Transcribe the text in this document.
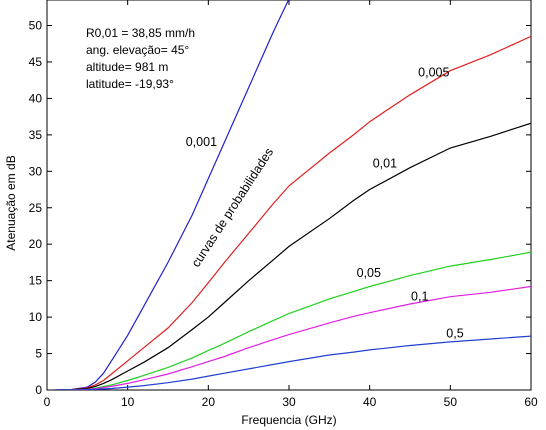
0	10	20	30	40	50	60
0
5
10
15
20
25
30
35
40
45
50
0,001
0,005
0,01
0,05
0,1
0,5
R0,01 = 38,85 mm/h
ang. elevação= 45°
altitude= 981 m
latitude= -19,93°
curvas de probabilidades
Frequencia (GHz)
Atenuação em dB
